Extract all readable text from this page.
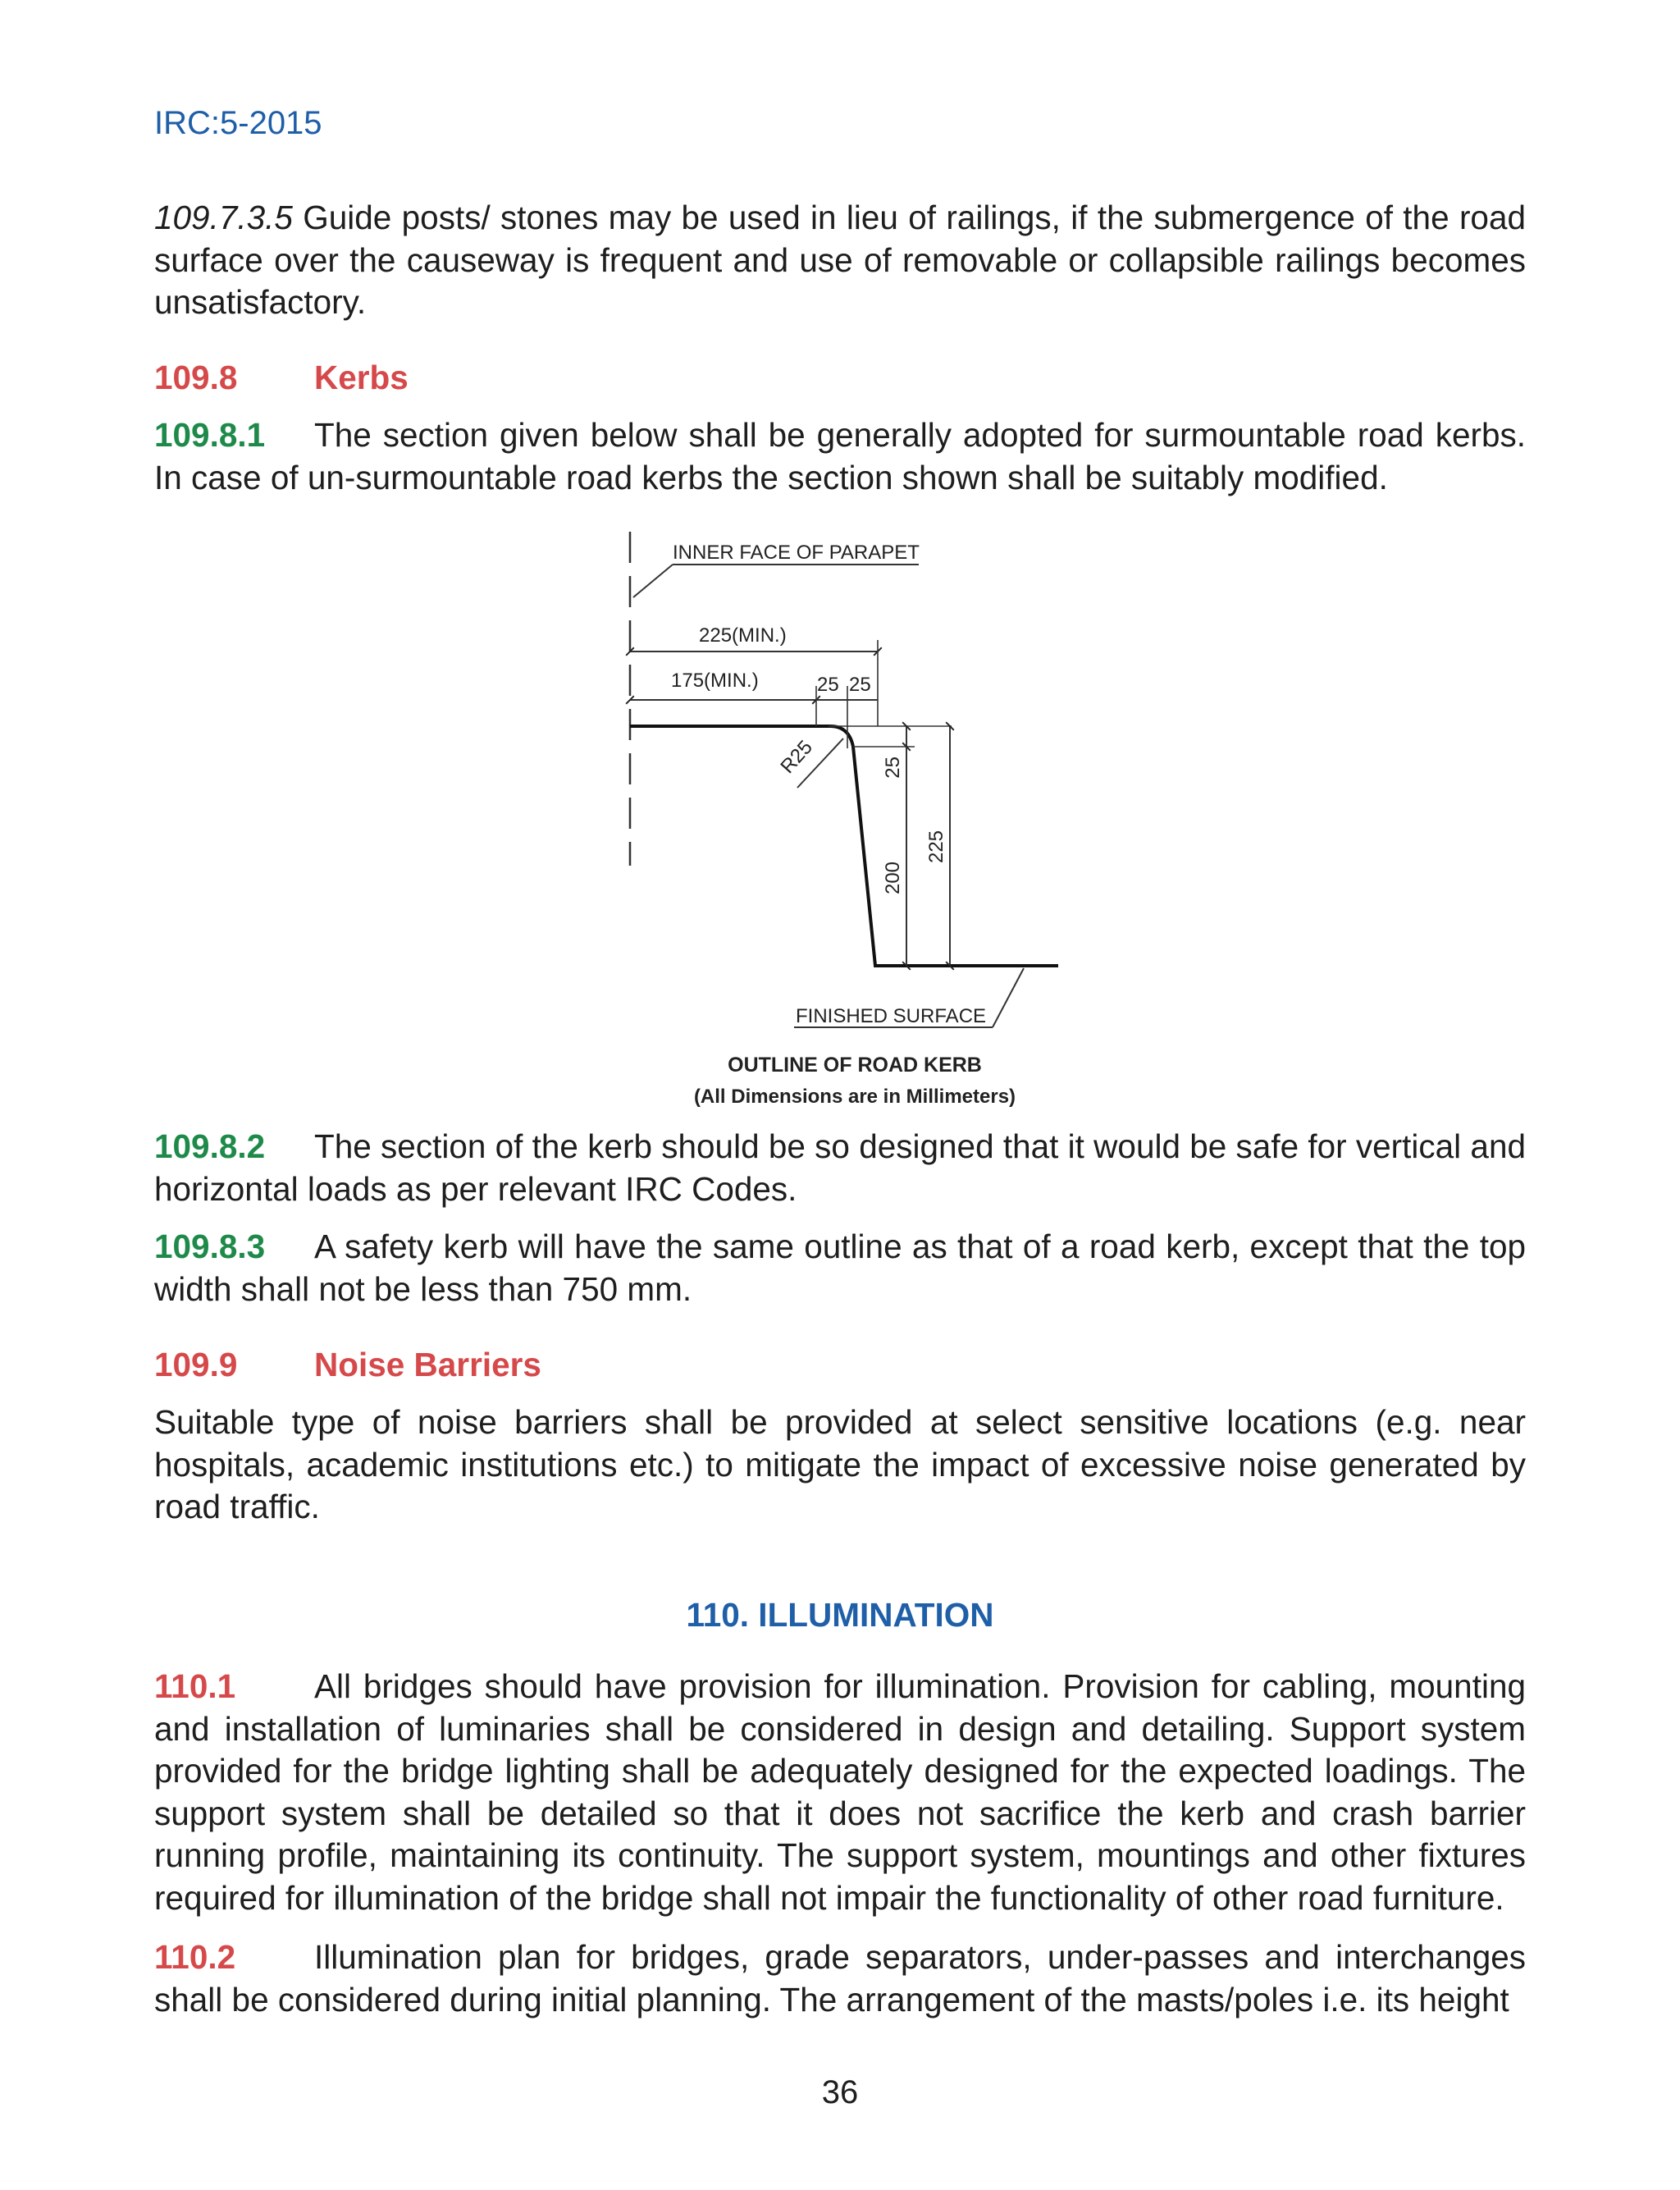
IRC:5-2015
109.7.3.5 Guide posts/ stones may be used in lieu of railings, if the submergence of the road surface over the causeway is frequent and use of removable or collapsible railings becomes unsatisfactory.
109.8 Kerbs
109.8.1 The section given below shall be generally adopted for surmountable road kerbs. In case of un-surmountable road kerbs the section shown shall be suitably modified.
INNER FACE OF PARAPET
225(MIN.)
175(MIN.)	25 25
R25	25
200
225
FINISHED SURFACE
OUTLINE OF ROAD KERB
(All Dimensions are in Millimeters)
109.8.2 The section of the kerb should be so designed that it would be safe for vertical and horizontal loads as per relevant IRC Codes.
109.8.3 A safety kerb will have the same outline as that of a road kerb, except that the top width shall not be less than 750 mm.
109.9 Noise Barriers
Suitable type of noise barriers shall be provided at select sensitive locations (e.g. near hospitals, academic institutions etc.) to mitigate the impact of excessive noise generated by road traffic.
110. ILLUMINATION
110.1 All bridges should have provision for illumination. Provision for cabling, mounting and installation of luminaries shall be considered in design and detailing. Support system provided for the bridge lighting shall be adequately designed for the expected loadings. The support system shall be detailed so that it does not sacrifice the kerb and crash barrier running profile, maintaining its continuity. The support system, mountings and other fixtures required for illumination of the bridge shall not impair the functionality of other road furniture.
110.2 Illumination plan for bridges, grade separators, under-passes and interchanges shall be considered during initial planning. The arrangement of the masts/poles i.e. its height
36
